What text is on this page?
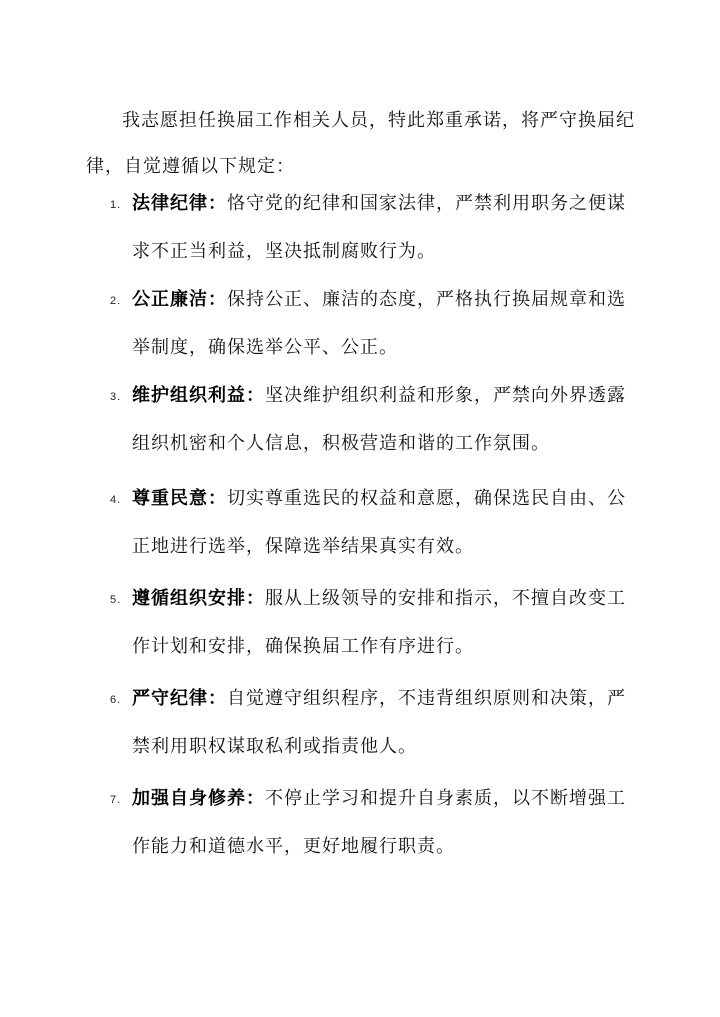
我志愿担任换届工作相关人员，特此郑重承诺，将严守换届纪律，自觉遵循以下规定：

1. 法律纪律：恪守党的纪律和国家法律，严禁利用职务之便谋求不正当利益，坚决抵制腐败行为。
2. 公正廉洁：保持公正、廉洁的态度，严格执行换届规章和选举制度，确保选举公平、公正。
3. 维护组织利益：坚决维护组织利益和形象，严禁向外界透露组织机密和个人信息，积极营造和谐的工作氛围。
4. 尊重民意：切实尊重选民的权益和意愿，确保选民自由、公正地进行选举，保障选举结果真实有效。
5. 遵循组织安排：服从上级领导的安排和指示，不擅自改变工作计划和安排，确保换届工作有序进行。
6. 严守纪律：自觉遵守组织程序，不违背组织原则和决策，严禁利用职权谋取私利或指责他人。
7. 加强自身修养：不停止学习和提升自身素质，以不断增强工作能力和道德水平，更好地履行职责。
